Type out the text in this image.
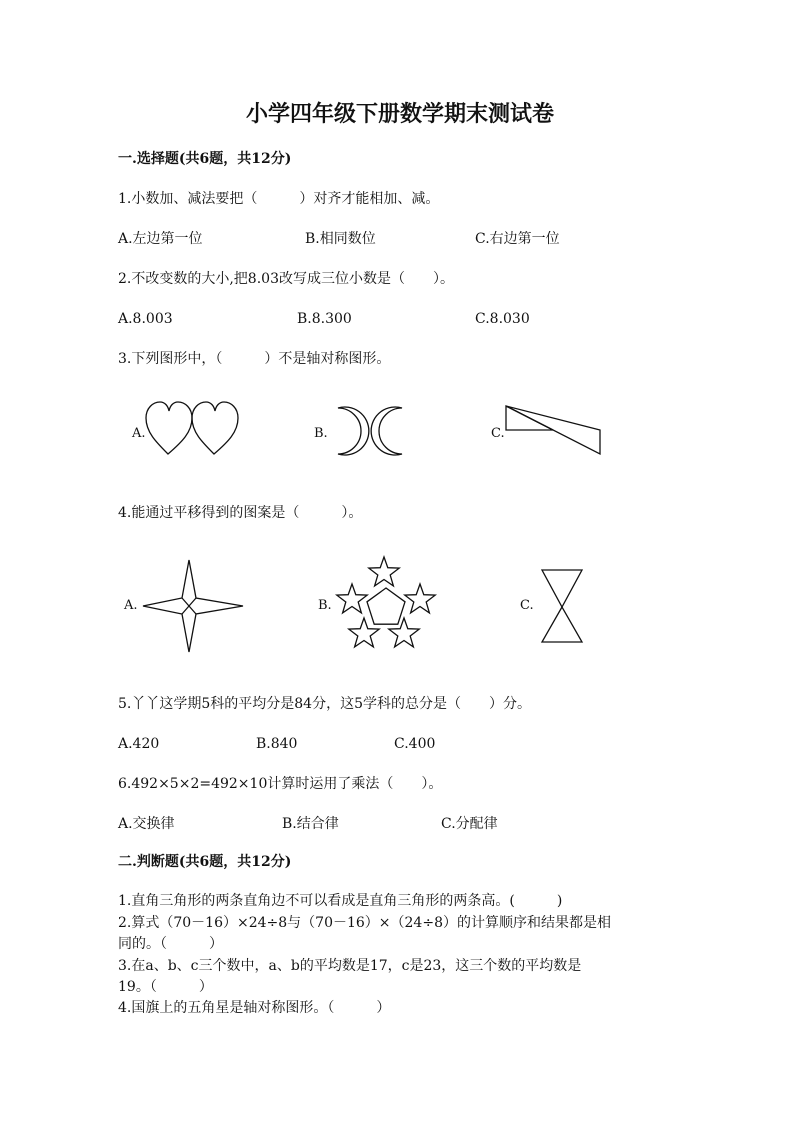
小学四年级下册数学期末测试卷
一.选择题(共6题，共12分)
1.小数加、减法要把（　　　）对齐才能相加、减。
A.左边第一位	B.相同数位	C.右边第一位
2.不改变数的大小,把8.03改写成三位小数是（　　）。
A.8.003	B.8.300	C.8.030
3.下列图形中，（　　　）不是轴对称图形。
A.	B.	C.
4.能通过平移得到的图案是（　　　）。
A.	B.	C.
5.丫丫这学期5科的平均分是84分，这5学科的总分是（　　）分。
A.420	B.840	C.400
6.492×5×2=492×10计算时运用了乘法（　　）。
A.交换律	B.结合律	C.分配律
二.判断题(共6题，共12分)
1.直角三角形的两条直角边不可以看成是直角三角形的两条高。(　　　)
2.算式（70－16）×24÷8与（70－16）×（24÷8）的计算顺序和结果都是相
同的。（　　　）
3.在a、b、c三个数中，a、b的平均数是17，c是23，这三个数的平均数是
19。（　　　）
4.国旗上的五角星是轴对称图形。（　　　）
